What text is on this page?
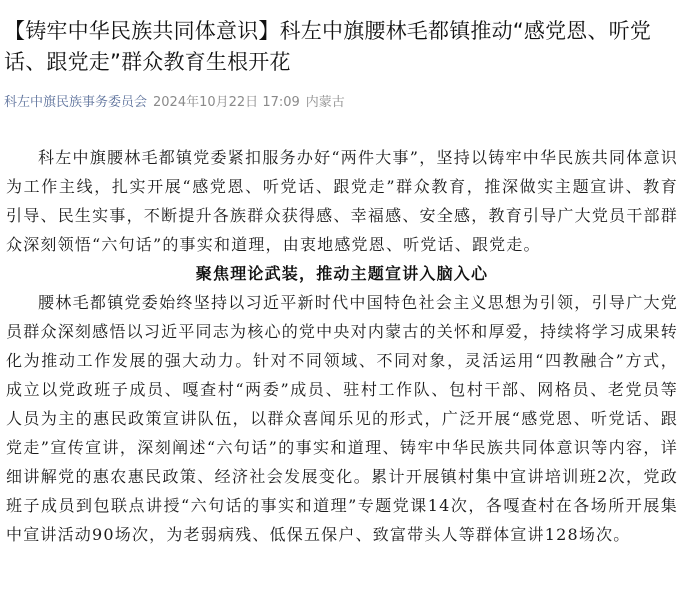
【铸牢中华民族共同体意识】科左中旗腰林毛都镇推动“感党恩、听党话、跟党走”群众教育生根开花
科左中旗民族事务委员会 2024年10月22日 17:09 内蒙古

科左中旗腰林毛都镇党委紧扣服务办好“两件大事”，坚持以铸牢中华民族共同体意识为工作主线，扎实开展“感党恩、听党话、跟党走”群众教育，推深做实主题宣讲、教育引导、民生实事，不断提升各族群众获得感、幸福感、安全感，教育引导广大党员干部群众深刻领悟“六句话”的事实和道理，由衷地感党恩、听党话、跟党走。

聚焦理论武装，推动主题宣讲入脑入心

腰林毛都镇党委始终坚持以习近平新时代中国特色社会主义思想为引领，引导广大党员群众深刻感悟以习近平同志为核心的党中央对内蒙古的关怀和厚爱，持续将学习成果转化为推动工作发展的强大动力。针对不同领域、不同对象，灵活运用“四教融合”方式，成立以党政班子成员、嘎查村“两委”成员、驻村工作队、包村干部、网格员、老党员等人员为主的惠民政策宣讲队伍，以群众喜闻乐见的形式，广泛开展“感党恩、听党话、跟党走”宣传宣讲，深刻阐述“六句话”的事实和道理、铸牢中华民族共同体意识等内容，详细讲解党的惠农惠民政策、经济社会发展变化。累计开展镇村集中宣讲培训班2次，党政班子成员到包联点讲授“六句话的事实和道理”专题党课14次，各嘎查村在各场所开展集中宣讲活动90场次，为老弱病残、低保五保户、致富带头人等群体宣讲128场次。
